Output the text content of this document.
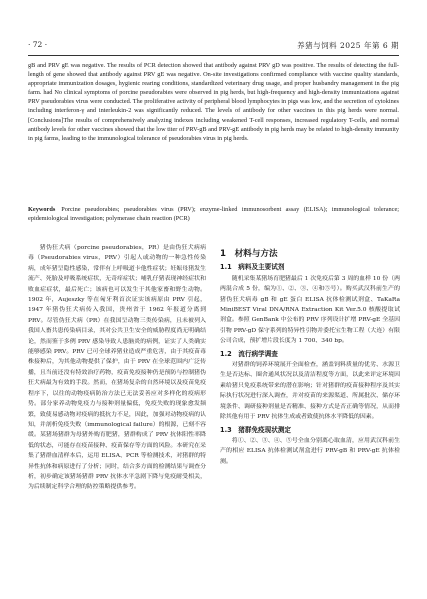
· 72 ·	养猪与饲料 2025 年第 6 期
gB and PRV gE was negative. The results of PCR detection showed that antibody against PRV gD was positive. The results of detecting the full-length of gene showed that antibody against PRV gE was negative. On-site investigations confirmed compliance with vaccine quality standards, appropriate immunization dosages, hygienic rearing conditions, standardized veterinary drug usage, and proper husbandry management in the pig farm. had No clinical symptoms of porcine pseudorabies were observed in pig herds, but high-frequency and high-density immunizations against PRV pseudorabies virus were conducted. The proliferative activity of peripheral blood lymphocytes in pigs was low, and the secretion of cytokines including interferon-γ and interleukin-2 was significantly reduced. The levels of antibody for other vaccines in this pig herds were normal. [Conclusions]The results of comprehensively analyzing indexes including weakened T-cell responses, increased regulatory T-cells, and normal antibody levels for other vaccines showed that the low titer of PRV-gB and PRV-gE antibody in pig herds may be related to high-density immunity in pig farms, leading to the immunological tolerance of pseudorabies virus in pig herds.
Keywords Porcine pseudorabies; pseudorabies virus (PRV); enzyme-linked immunosorbent assay (ELISA); immunological tolerance; epidemiological investigation; polymerase chain reaction (PCR)

猪伪狂犬病（porcine pseudorabies，PR）是由伪狂犬病病毒（Pseudorabies virus，PRV）引起人或动物的一种急性传染病，成年猪呈隐性感染，常伴有上呼吸道卡他性症状；妊娠母猪发生流产、死胎及呼吸系统症状，无奇痒症状；哺乳仔猪表现神经症状和败血症症状，最后死亡；该病也可以发生于其他家畜和野生动物。1902 年，Aujeszky 等在匈牙利首次证实该病原由 PRV 引起，1947 年猪伪狂犬病传入我国，贵州省于 1962 年报道分离到 PRV。尽管伪狂犬病（PR）在我国呈动物三类传染病，且未被列入我国人畜共患传染病目录，其对公共卫生安全的威胁程度尚无明确结论，然而鉴于多例 PRV 感染导致人患脑炎的病例，证实了人类确实能够感染 PRV。PRV 已可全球养猪业造成严重危害，由于其疫苗毒株接种后，为其他动物提供了保护，由于 PRV 在全球范围内广泛传播，且当前还没有特效治疗药物，疫苗免疫接种仍是预防与控制猪伪狂犬病最为有效的手段。然而，在猪场复杂的自然环境以及疫苗免疫程序下，以往的动物疫病防治方法已无法妥善应对多样化的疫病形势。部分家养动物免疫力与接种剂量偏低，免疫失败的现象愈发频繁，致使易感动物对疫病的抵抗力不足，因此，加强对动物疫病的认知，并剖析免疫失败（immunological failure）的根源，已刻不容缓。某猪场猪群为母猪外购育肥猪，猪群构成了 PRV 抗体阳性率降低的状态，可能存在疫苗接种、疫苗保存等方面的风险。本研究在采集了猪群血清样本后，运用 ELISA、PCR 等检测技术，对猪群的特异性抗体和病原进行了分析；同时，结合多方面的检测结果与调查分析，初步确定该猪场猪群 PRV 抗体水平急剧下降与免疫耐受相关，为后续制定科学合理的防控策略提供参考。

1　材料与方法
1.1　病料及主要试剂

随机采集某猪场育肥猪最后 1 次免疫后第 3 周的血样 10 份（两两混合成 5 份，编为①、②、③、④和⑤号）。购买武汉科前生产的猪伪狂犬病毒 gB 和 gE 蛋白 ELISA 抗体检测试剂盒、TaKaRa MiniBEST Viral DNA/RNA Extraction Kit Ver.5.0 核酸提取试剂盒。参照 GenBank 中公布的 PRV 序列设计扩增 PRV-gE 全基因引物 PRV-gD 保守系列的特异性引物并委托宝生物工程（大连）有限公司合成，预扩增片段长度为 1 700、340 bp。

1.2　流行病学调查

对猪群的饲养环境展开全面检查，涵盖饲料质量的优劣、水源卫生是否达标、圈舍通风状况以及清洁程度等方面，以此来评定环境因素给猪只免疫系统带来的潜在影响；针对猪群的疫苗接种程序及其实际执行状况进行深入调查，并对疫苗的来源渠道、所属批次、储存环境条件、调研接种剂量是否精准、接种方式是否正确等情况，从而排除其他有用于 PRV 抗体生成或者致使抗体水平降低的因素。

1.3　猪群免疫现状测定

将①、②、③、④、⑤号全血分别离心取血清，应用武汉科前生产的相应 ELISA 抗体检测试剂盒进行 PRV-gB 和 PRV-gE 抗体检测。
